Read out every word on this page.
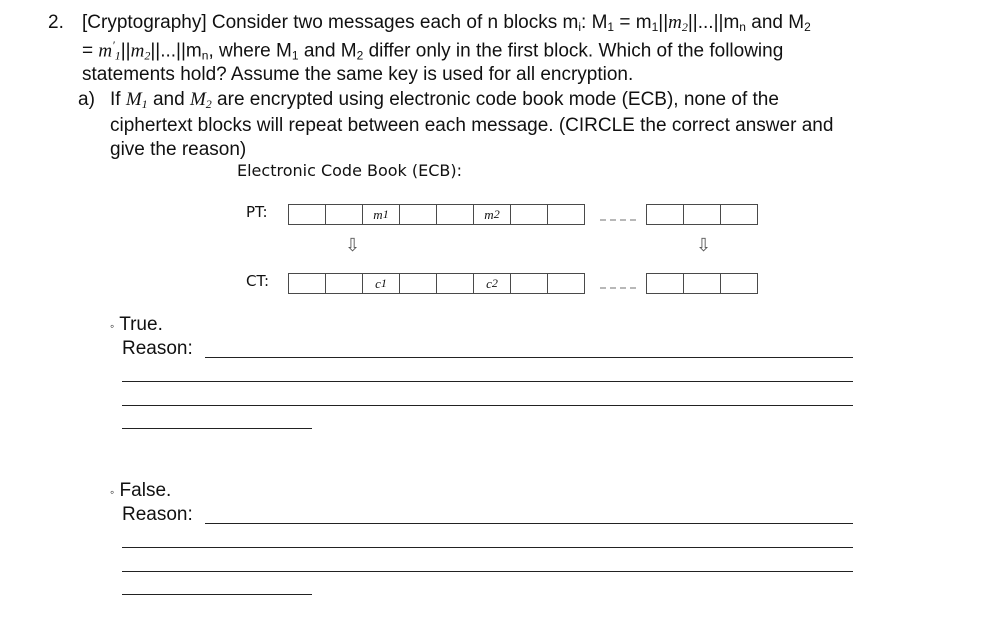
2. [Cryptography] Consider two messages each of n blocks $m_i$: $M_1 = m_1||m_2||...||m_n$ and $M_2$
= $m'_1||m_2||...||m_n$, where $M_1$ and $M_2$ differ only in the first block. Which of the following
statements hold? Assume the same key is used for all encryption.
a) If $M_1$ and $M_2$ are encrypted using electronic code book mode (ECB), none of the
ciphertext blocks will repeat between each message. (CIRCLE the correct answer and
give the reason)
Electronic Code Book (ECB):
PT:
CT:
m 1	m 2
⇩	⇩
c 1	c 2
◦ True.
Reason:
◦ False.
Reason:
